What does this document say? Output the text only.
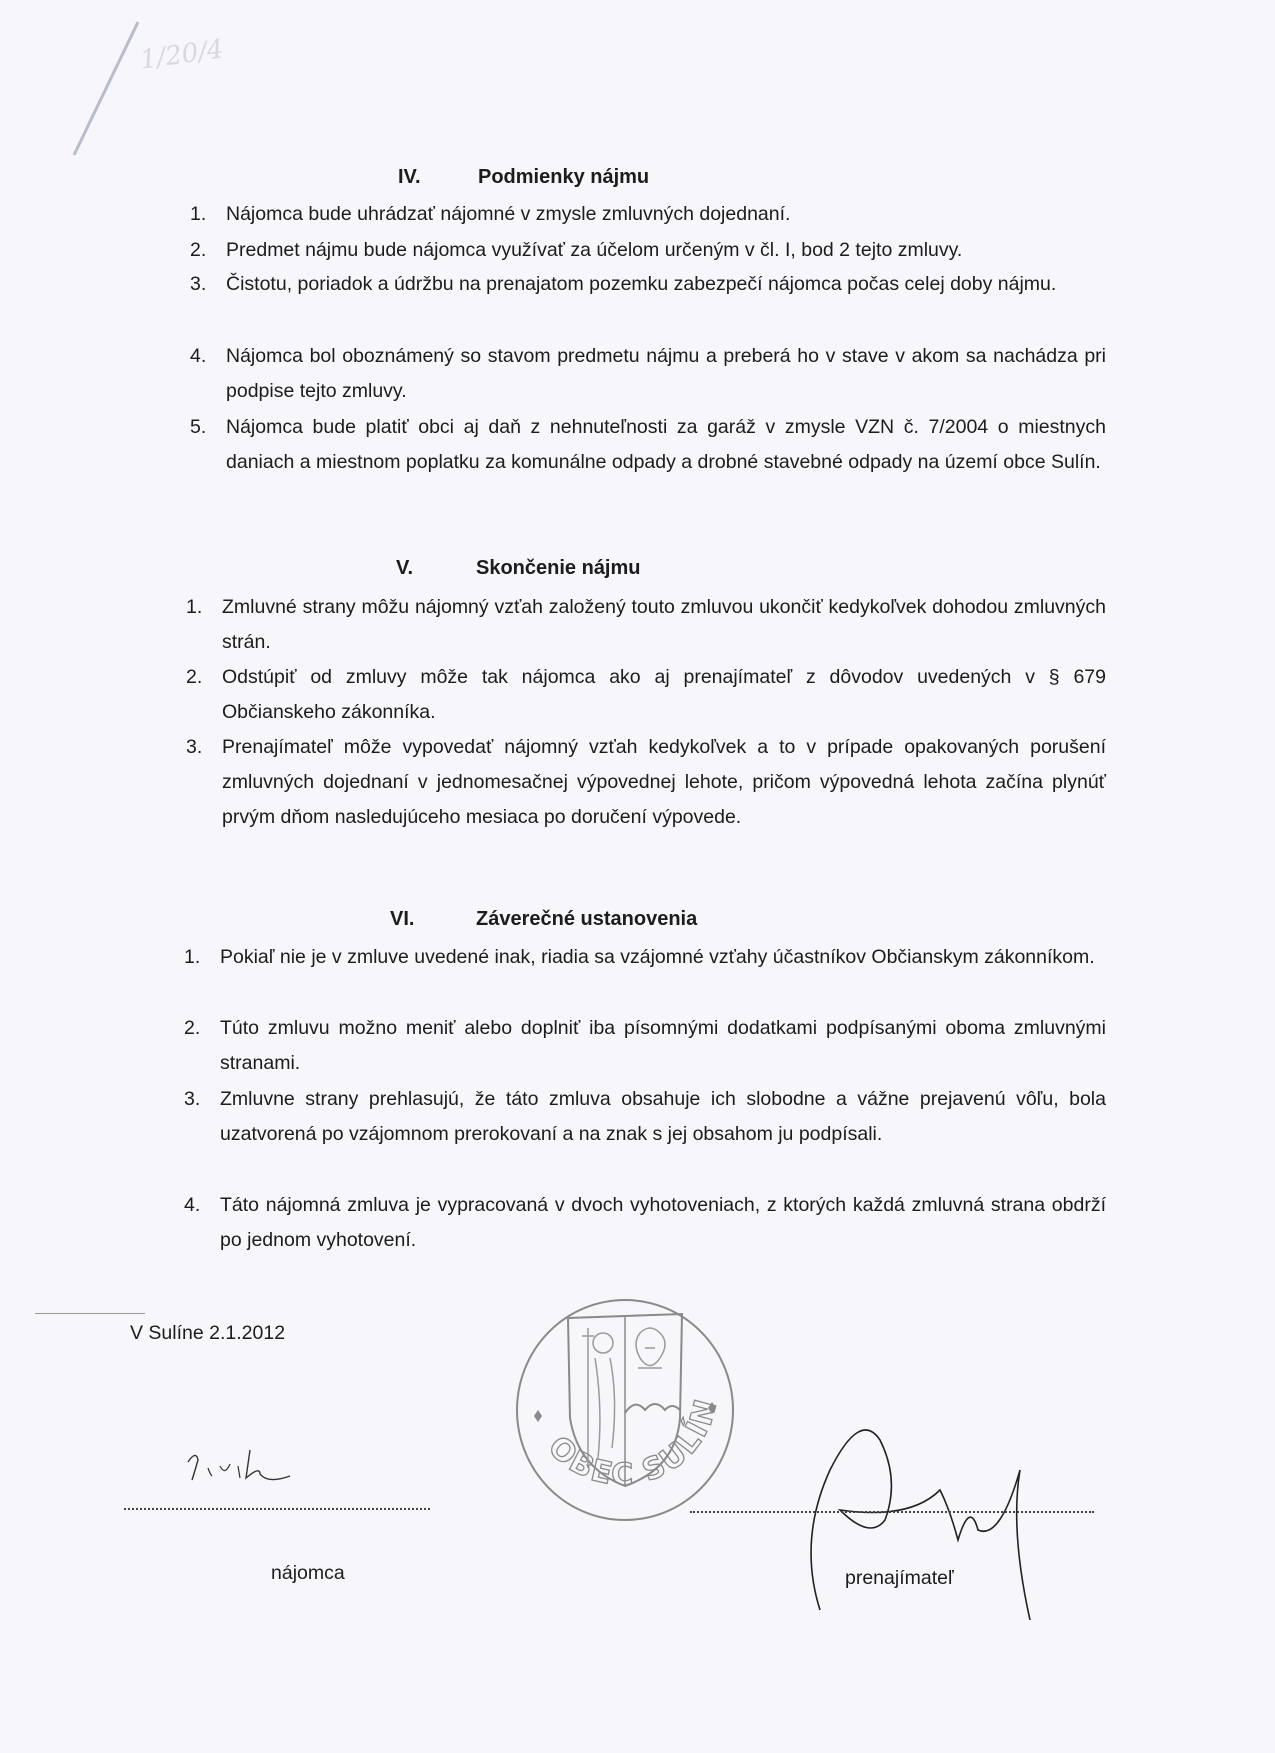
1/20/4
IV.	Podmienky nájmu
1. Nájomca bude uhrádzať nájomné v zmysle zmluvných dojednaní.
2. Predmet nájmu bude nájomca využívať za účelom určeným v čl. I, bod 2 tejto zmluvy.
3. Čistotu, poriadok a údržbu na prenajatom pozemku zabezpečí nájomca počas celej doby nájmu.
4. Nájomca bol oboznámený so stavom predmetu nájmu a preberá ho v stave v akom sa nachádza pri podpise tejto zmluvy.
5. Nájomca bude platiť obci aj daň z nehnuteľnosti za garáž v zmysle VZN č. 7/2004 o miestnych daniach a miestnom poplatku za komunálne odpady a drobné stavebné odpady na území obce Sulín.
V.	Skončenie nájmu
1. Zmluvné strany môžu nájomný vzťah založený touto zmluvou ukončiť kedykoľvek dohodou zmluvných strán.
2. Odstúpiť od zmluvy môže tak nájomca ako aj prenajímateľ z dôvodov uvedených v § 679 Občianskeho zákonníka.
3. Prenajímateľ môže vypovedať nájomný vzťah kedykoľvek a to v prípade opakovaných porušení zmluvných dojednaní v jednomesačnej výpovednej lehote, pričom výpovedná lehota začína plynúť prvým dňom nasledujúceho mesiaca po doručení výpovede.
VI.	Záverečné ustanovenia
1. Pokiaľ nie je v zmluve uvedené inak, riadia sa vzájomné vzťahy účastníkov Občianskym zákonníkom.
2. Túto zmluvu možno meniť alebo doplniť iba písomnými dodatkami podpísanými oboma zmluvnými stranami.
3. Zmluvne strany prehlasujú, že táto zmluva obsahuje ich slobodne a vážne prejavenú vôľu, bola uzatvorená po vzájomnom prerokovaní a na znak s jej obsahom ju podpísali.
4. Táto nájomná zmluva je vypracovaná v dvoch vyhotoveniach, z ktorých každá zmluvná strana obdrží po jednom vyhotovení.
V Sulíne 2.1.2012
OBEC SULÍN
nájomca	prenajímateľ
